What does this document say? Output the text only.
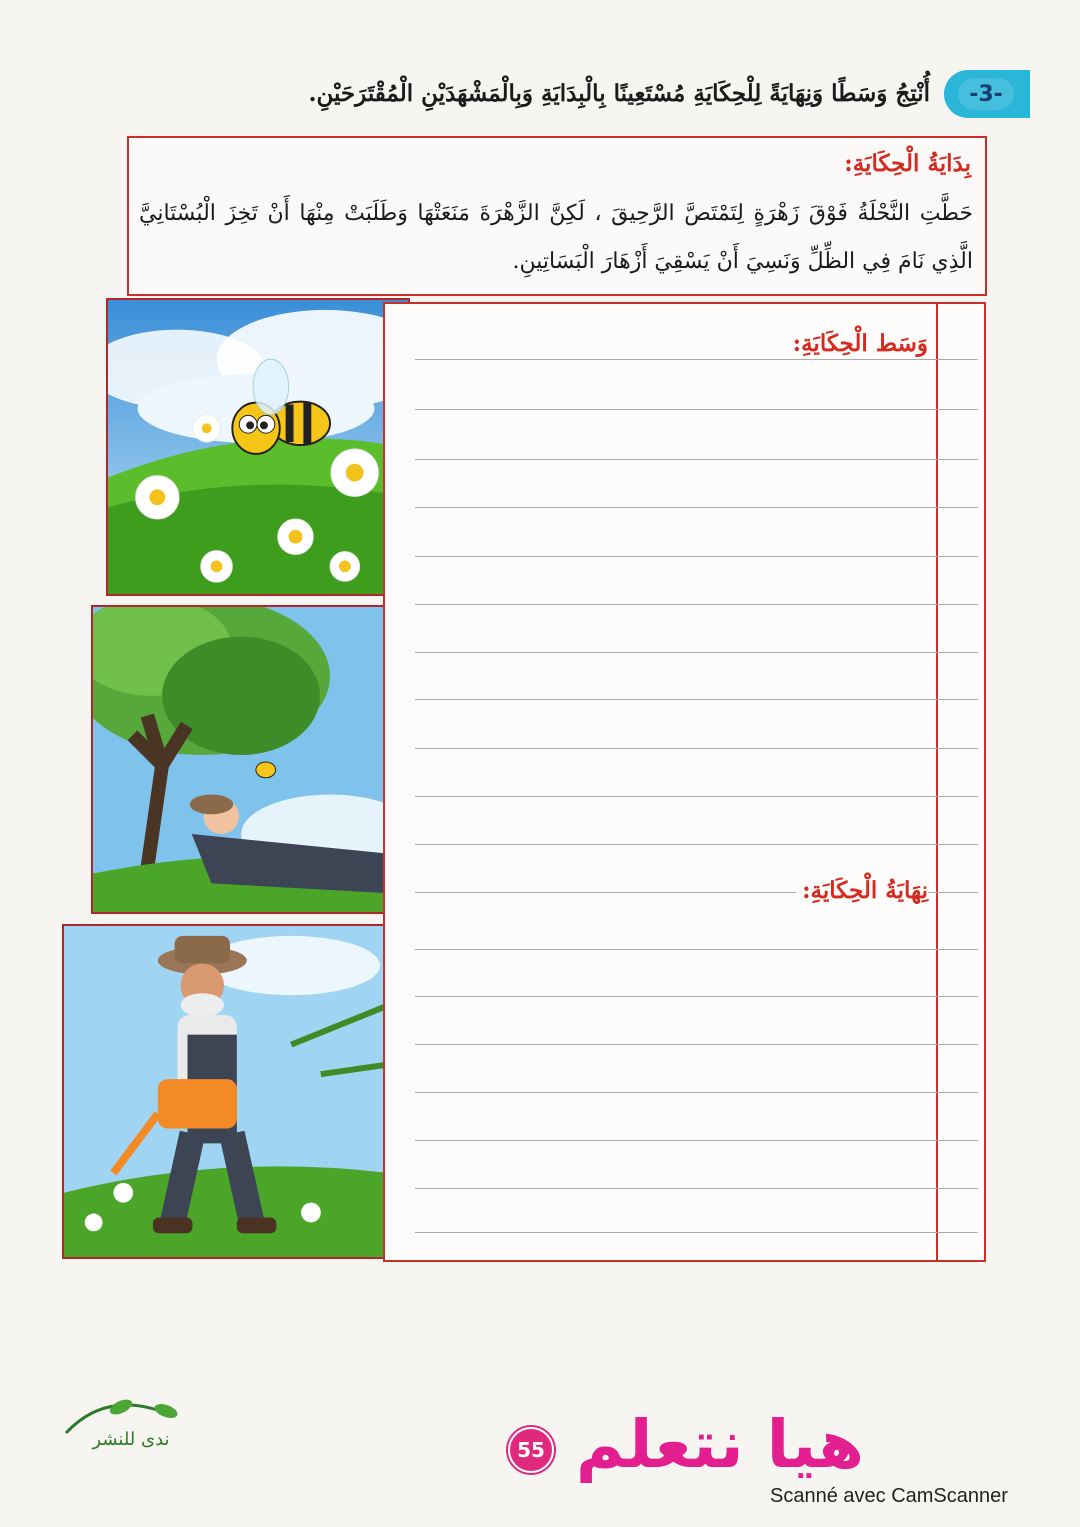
-3-
أُنْتِجُ وَسَطًا وَنِهَايَةً لِلْحِكَايَةِ مُسْتَعِينًا بِالْبِدَايَةِ وَبِالْمَشْهَدَيْنِ الْمُقْتَرَحَيْنِ.
بِدَايَةُ الْحِكَايَةِ:
حَطَّتِ النَّحْلَةُ فَوْقَ زَهْرَةٍ لِتَمْتَصَّ الرَّحِيقَ ، لَكِنَّ الزَّهْرَةَ مَنَعَتْهَا وَطَلَبَتْ مِنْهَا أَنْ تَخِزَ الْبُسْتَانِيَّ الَّذِي نَامَ فِي الظِّلِّ وَنَسِيَ أَنْ يَسْقِيَ أَزْهَارَ الْبَسَاتِينِ.
وَسَط الْحِكَايَةِ:
نِهَايَةُ الْحِكَايَةِ:
ندى للنشر	55 هيا نتعلم
Scanné avec CamScanner
